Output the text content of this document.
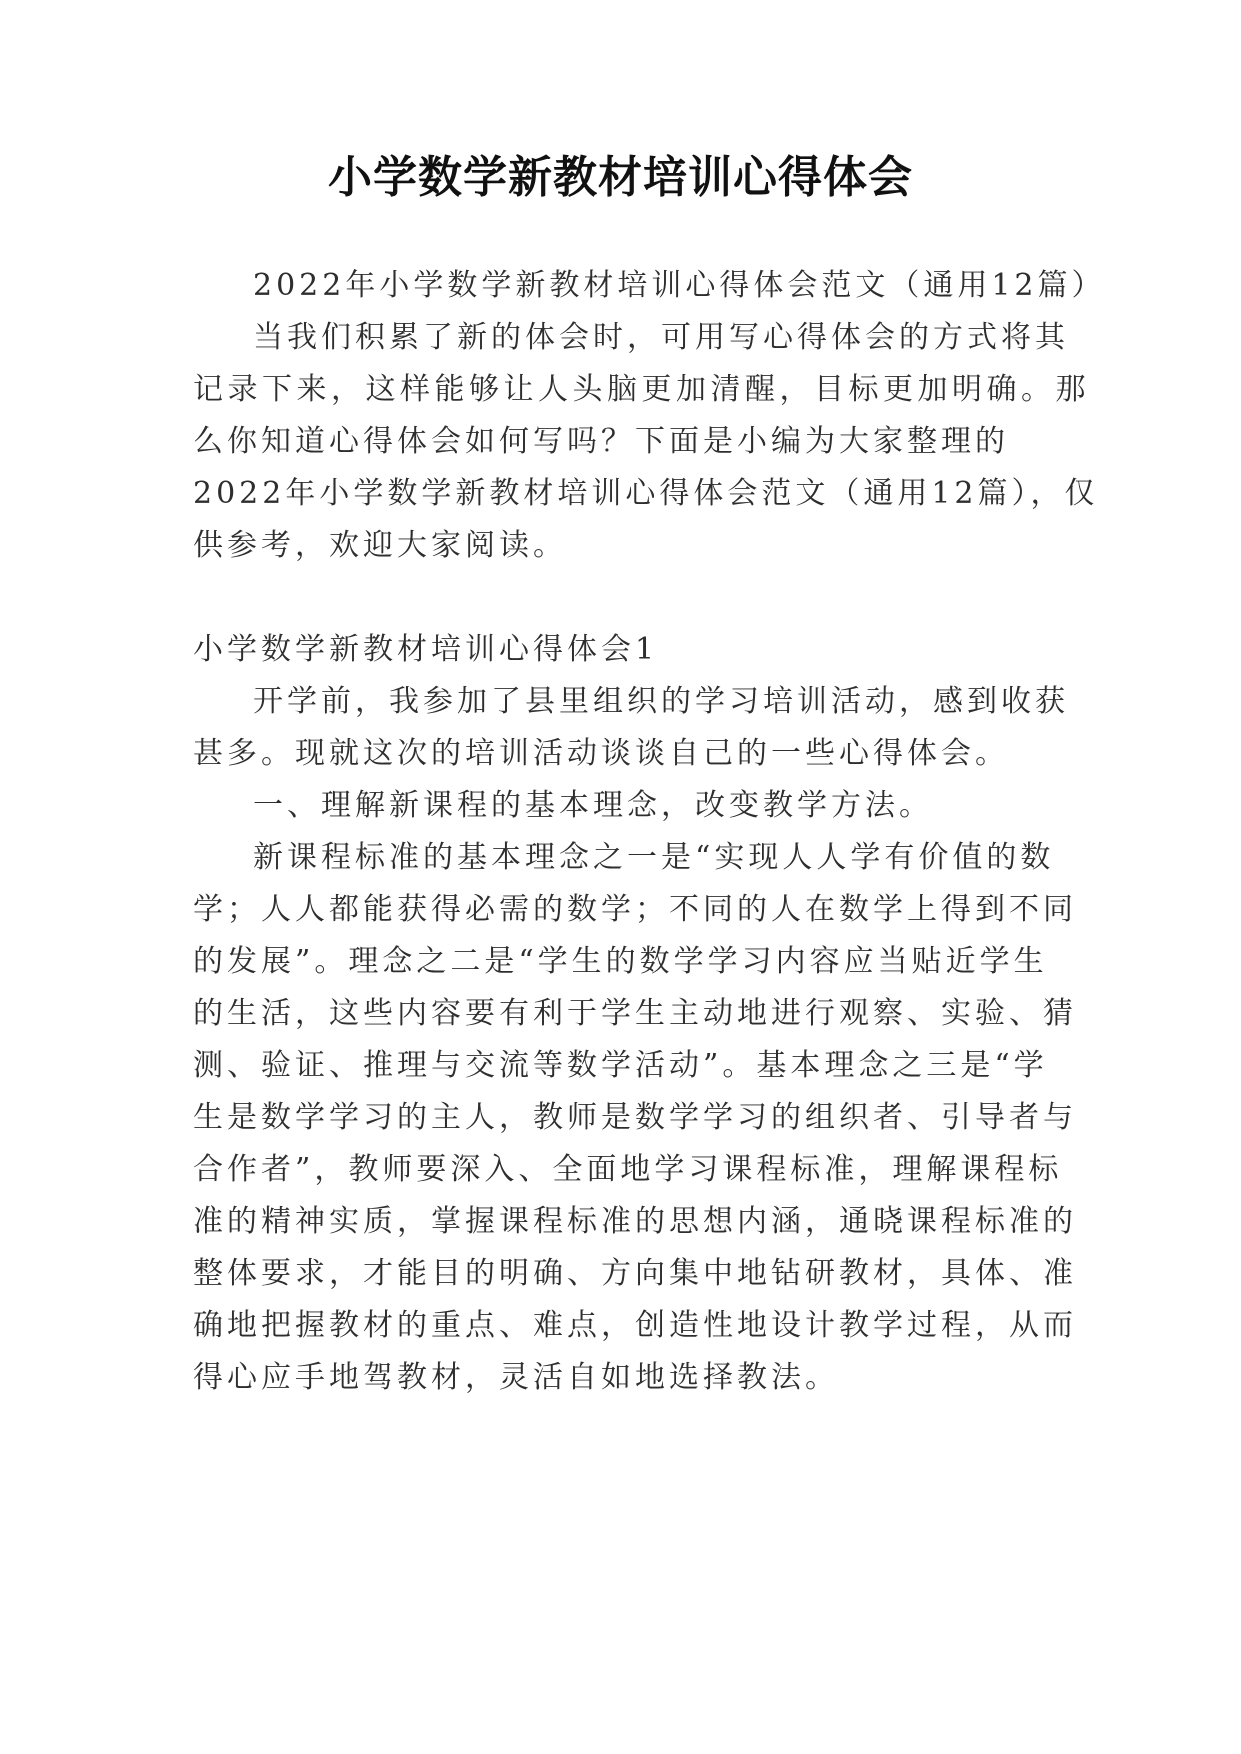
小学数学新教材培训心得体会
2022年小学数学新教材培训心得体会范文（通用12篇）
当我们积累了新的体会时，可用写心得体会的方式将其
记录下来，这样能够让人头脑更加清醒，目标更加明确。那
么你知道心得体会如何写吗？下面是小编为大家整理的
2022年小学数学新教材培训心得体会范文（通用12篇），仅
供参考，欢迎大家阅读。
小学数学新教材培训心得体会1
开学前，我参加了县里组织的学习培训活动，感到收获
甚多。现就这次的培训活动谈谈自己的一些心得体会。
一、理解新课程的基本理念，改变教学方法。
新课程标准的基本理念之一是“实现人人学有价值的数
学；人人都能获得必需的数学；不同的人在数学上得到不同
的发展”。理念之二是“学生的数学学习内容应当贴近学生
的生活，这些内容要有利于学生主动地进行观察、实验、猜
测、验证、推理与交流等数学活动”。基本理念之三是“学
生是数学学习的主人，教师是数学学习的组织者、引导者与
合作者”，教师要深入、全面地学习课程标准，理解课程标
准的精神实质，掌握课程标准的思想内涵，通晓课程标准的
整体要求，才能目的明确、方向集中地钻研教材，具体、准
确地把握教材的重点、难点，创造性地设计教学过程，从而
得心应手地驾教材，灵活自如地选择教法。
